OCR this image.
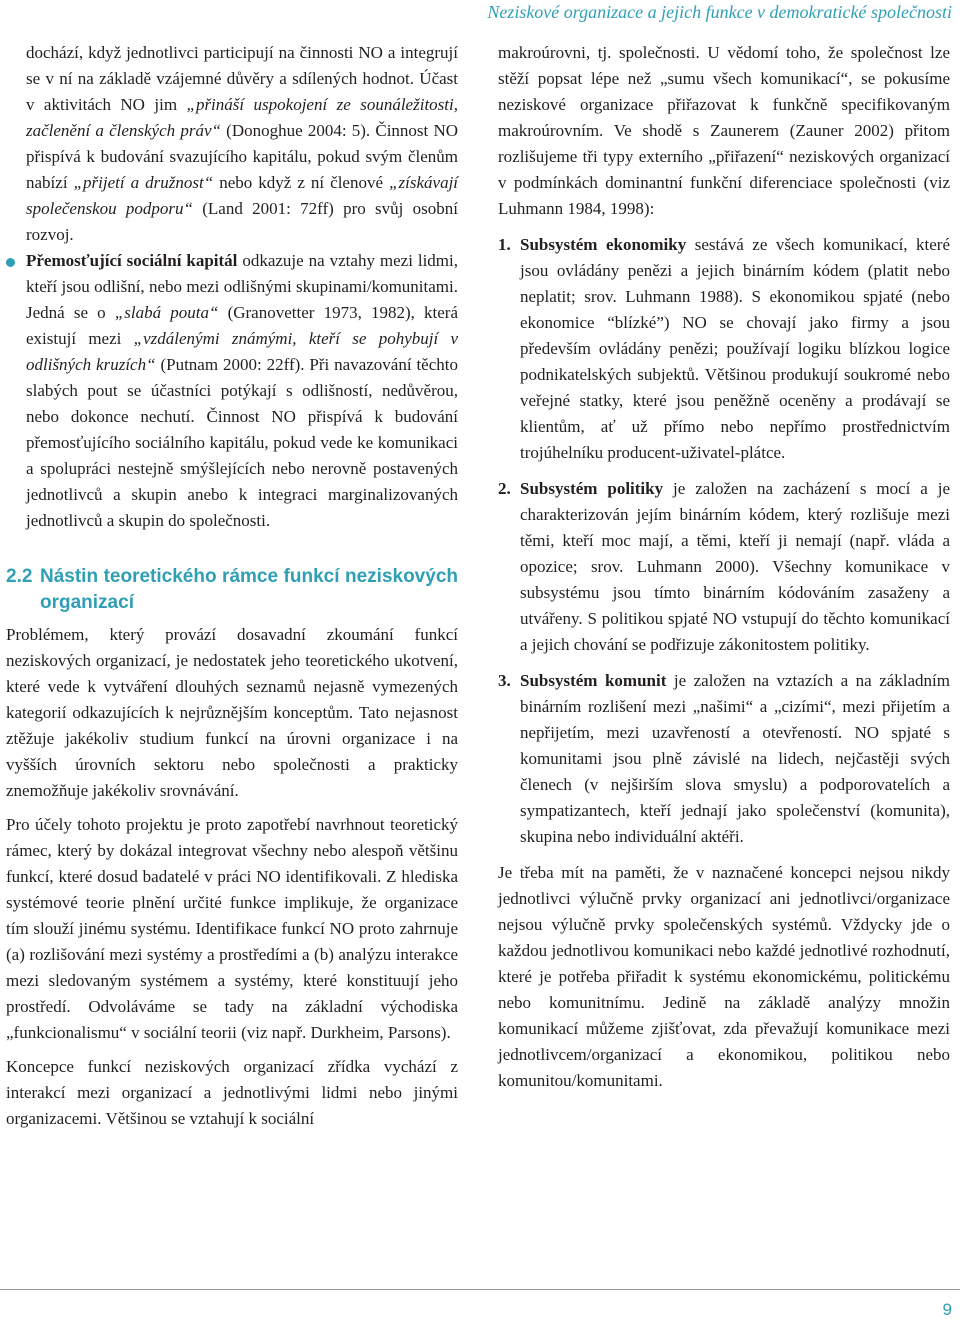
Neziskové organizace a jejich funkce v demokratické společnosti

dochází, když jednotlivci participují na činnosti NO a integrují se v ní na základě vzájemné důvěry a sdílených hodnot. Účast v aktivitách NO jim „přináší uspokojení ze sounáležitosti, začlenění a členských práv“ (Donoghue 2004: 5). Činnost NO přispívá k budování svazujícího kapitálu, pokud svým členům nabízí „přijetí a družnost“ nebo když z ní členové „získávají společenskou podporu“ (Land 2001: 72ff) pro svůj osobní rozvoj.

Přemosťující sociální kapitál odkazuje na vztahy mezi lidmi, kteří jsou odlišní, nebo mezi odlišnými skupinami/komunitami. Jedná se o „slabá pouta“ (Granovetter 1973, 1982), která existují mezi „vzdálenými známými, kteří se pohybují v odlišných kruzích“ (Putnam 2000: 22ff). Při navazování těchto slabých pout se účastníci potýkají s odlišností, nedůvěrou, nebo dokonce nechutí. Činnost NO přispívá k budování přemosťujícího sociálního kapitálu, pokud vede ke komunikaci a spolupráci nestejně smýšlejících nebo nerovně postavených jednotlivců a skupin anebo k integraci marginalizovaných jednotlivců a skupin do společnosti.

2.2 Nástin teoretického rámce funkcí neziskových organizací

Problémem, který provází dosavadní zkoumání funkcí neziskových organizací, je nedostatek jeho teoretického ukotvení, které vede k vytváření dlouhých seznamů nejasně vymezených kategorií odkazujících k nejrůznějším konceptům. Tato nejasnost ztěžuje jakékoliv studium funkcí na úrovni organizace i na vyšších úrovních sektoru nebo společnosti a prakticky znemožňuje jakékoliv srovnávání.

Pro účely tohoto projektu je proto zapotřebí navrhnout teoretický rámec, který by dokázal integrovat všechny nebo alespoň většinu funkcí, které dosud badatelé v práci NO identifikovali. Z hlediska systémové teorie plnění určité funkce implikuje, že organizace tím slouží jinému systému. Identifikace funkcí NO proto zahrnuje (a) rozlišování mezi systémy a prostředími a (b) analýzu interakce mezi sledovaným systémem a systémy, které konstituují jeho prostředí. Odvoláváme se tady na základní východiska „funkcionalismu“ v sociální teorii (viz např. Durkheim, Parsons).

Koncepce funkcí neziskových organizací zřídka vychází z interakcí mezi organizací a jednotlivými lidmi nebo jinými organizacemi. Většinou se vztahují k sociální

makroúrovni, tj. společnosti. U vědomí toho, že společnost lze stěží popsat lépe než „sumu všech komunikací“, se pokusíme neziskové organizace přiřazovat k funkčně specifikovaným makroúrovním. Ve shodě s Zaunerem (Zauner 2002) přitom rozlišujeme tři typy externího „přiřazení“ neziskových organizací v podmínkách dominantní funkční diferenciace společnosti (viz Luhmann 1984, 1998):

1. Subsystém ekonomiky sestává ze všech komunikací, které jsou ovládány penězi a jejich binárním kódem (platit nebo neplatit; srov. Luhmann 1988). S ekonomikou spjaté (nebo ekonomice “blízké”) NO se chovají jako firmy a jsou především ovládány penězi; používají logiku blízkou logice podnikatelských subjektů. Většinou produkují soukromé nebo veřejné statky, které jsou peněžně oceněny a prodávají se klientům, ať už přímo nebo nepřímo prostřednictvím trojúhelníku producent-uživatel-plátce.

2. Subsystém politiky je založen na zacházení s mocí a je charakterizován jejím binárním kódem, který rozlišuje mezi těmi, kteří moc mají, a těmi, kteří ji nemají (např. vláda a opozice; srov. Luhmann 2000). Všechny komunikace v subsystému jsou tímto binárním kódováním zasaženy a utvářeny. S politikou spjaté NO vstupují do těchto komunikací a jejich chování se podřizuje zákonitostem politiky.

3. Subsystém komunit je založen na vztazích a na základním binárním rozlišení mezi „našimi“ a „cizími“, mezi přijetím a nepřijetím, mezi uzavřeností a otevřeností. NO spjaté s komunitami jsou plně závislé na lidech, nejčastěji svých členech (v nejširším slova smyslu) a podporovatelích a sympatizantech, kteří jednají jako společenství (komunita), skupina nebo individuální aktéři.

Je třeba mít na paměti, že v naznačené koncepci nejsou nikdy jednotlivci výlučně prvky organizací ani jednotlivci/organizace nejsou výlučně prvky společenských systémů. Vždycky jde o každou jednotlivou komunikaci nebo každé jednotlivé rozhodnutí, které je potřeba přiřadit k systému ekonomickému, politickému nebo komunitnímu. Jedině na základě analýzy množin komunikací můžeme zjišťovat, zda převažují komunikace mezi jednotlivcem/organizací a ekonomikou, politikou nebo komunitou/komunitami.

9
